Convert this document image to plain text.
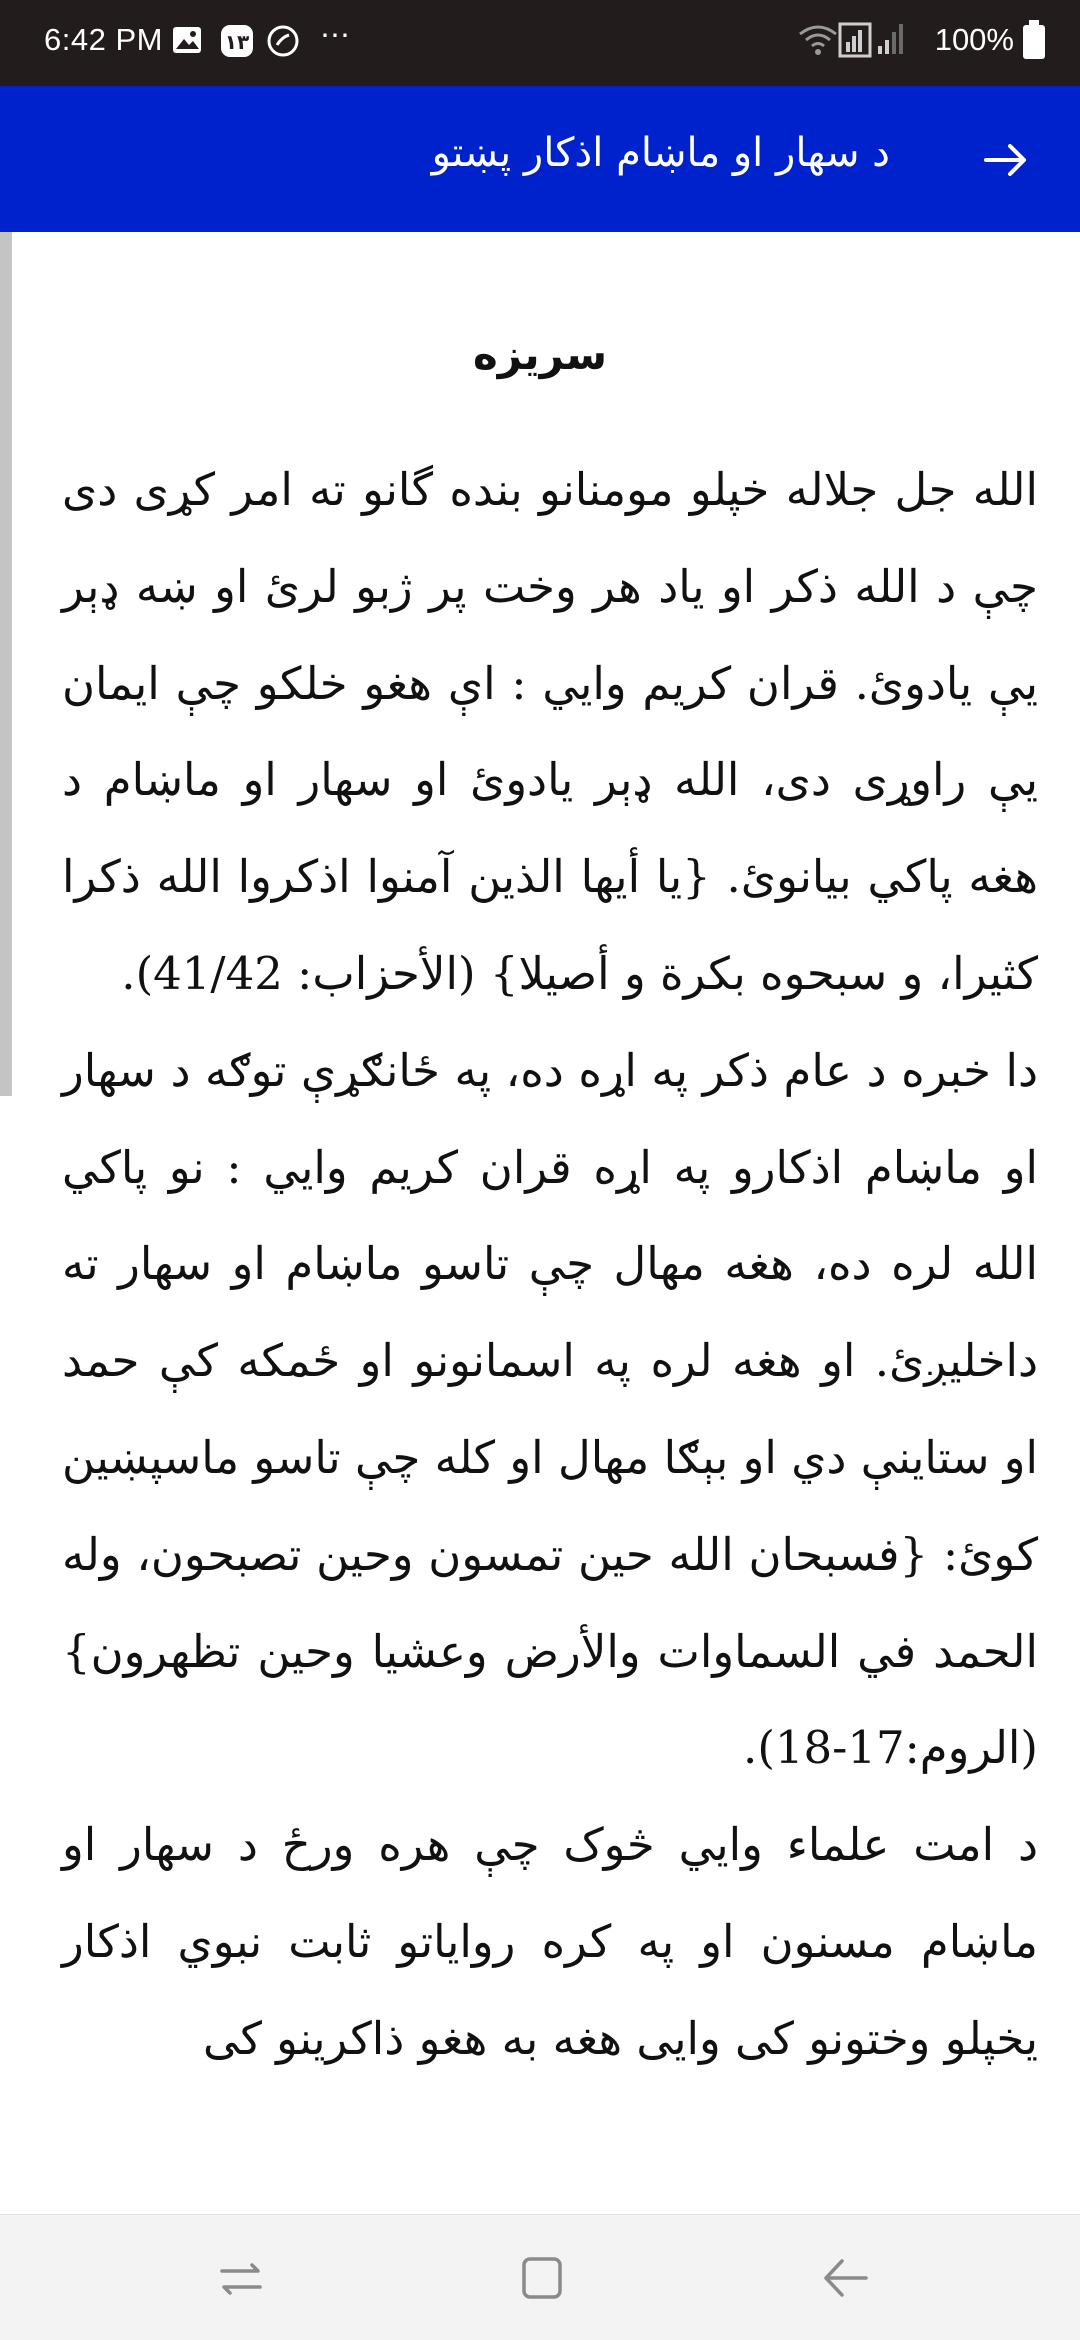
6:42 PM	١٣ ⋯	100%
د سهار او ماښام اذکار پښتو
سریزه

الله جل جلاله خپلو مومنانو بنده گانو ته امر کړی دی چې د الله ذکر او یاد هر وخت پر ژبو لرئ او ښه ډېر یې یادوئ. قران کریم وایي : اې هغو خلکو چې ایمان یې راوړی دی، الله ډېر یادوئ او سهار او ماښام د هغه پاکي بیانوئ. {یا أیها الذین آمنوا اذکروا الله ذکرا کثیرا، و سبحوه بکرة و أصیلا} (الأحزاب: 41/42).

دا خبره د عام ذکر په اړه ده، په ځانګړې توګه د سهار او ماښام اذکارو په اړه قران کریم وایي : نو پاکي الله لره ده، هغه مهال چې تاسو ماښام او سهار ته داخلیږئ. او هغه لره په اسمانونو او ځمکه کې حمد او ستاینې دي او بېګا مهال او کله چې تاسو ماسپښین کوئ: {فسبحان الله حین تمسون وحین تصبحون، وله الحمد في السماوات والأرض وعشیا وحین تظهرون} (الروم:17-18).

د امت علماء وایي څوک چې هره ورځ د سهار او ماښام مسنون او په کره روایاتو ثابت نبوي اذکار یخپلو وختونو کی وایی هغه به هغو ذاکرینو کی
